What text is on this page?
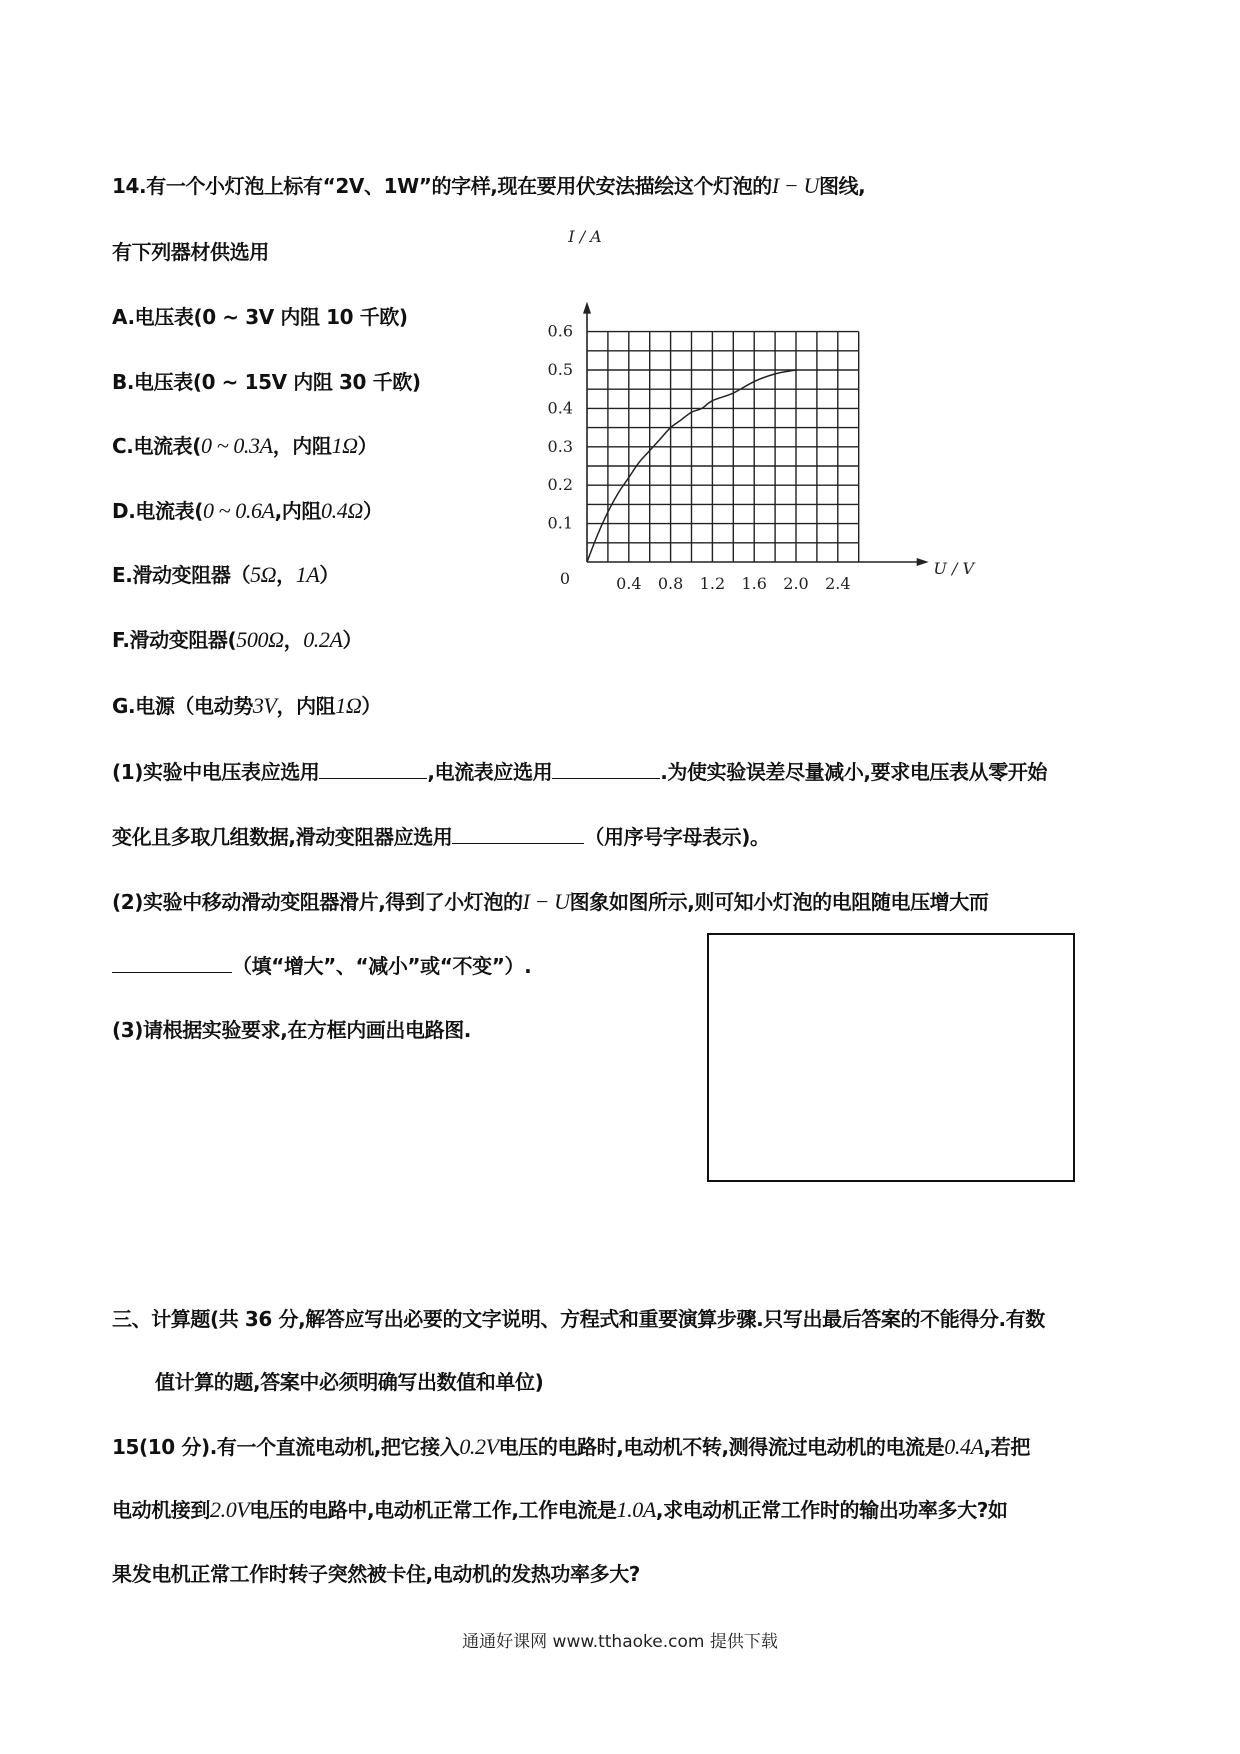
14.有一个小灯泡上标有“2V、1W”的字样,现在要用伏安法描绘这个灯泡的I − U图线,
有下列器材供选用
A.电压表(0 ~ 3V 内阻 10 千欧)
B.电压表(0 ~ 15V 内阻 30 千欧)
C.电流表(0 ~ 0.3A，内阻1Ω）
D.电流表(0 ~ 0.6A,内阻0.4Ω）
E.滑动变阻器（5Ω，1A）
F.滑动变阻器(500Ω，0.2A）
G.电源（电动势3V，内阻1Ω）
(1)实验中电压表应选用	,电流表应选用	.为使实验误差尽量减小,要求电压表从零开始
变化且多取几组数据,滑动变阻器应选用	（用序号字母表示)。
(2)实验中移动滑动变阻器滑片,得到了小灯泡的I − U图象如图所示,则可知小灯泡的电阻随电压增大而
（填“增大”、“减小”或“不变”）.
(3)请根据实验要求,在方框内画出电路图.
0.4 0.8 1.2 1.6 2.0 2.4
0.1
0.2
0.3
0.4
0.5
0.6
I / A
U / V
0
三、计算题(共 36 分,解答应写出必要的文字说明、方程式和重要演算步骤.只写出最后答案的不能得分.有数
值计算的题,答案中必须明确写出数值和单位)
15(10 分).有一个直流电动机,把它接入0.2V电压的电路时,电动机不转,测得流过电动机的电流是0.4A,若把
电动机接到2.0V电压的电路中,电动机正常工作,工作电流是1.0A,求电动机正常工作时的输出功率多大?如
果发电机正常工作时转子突然被卡住,电动机的发热功率多大?
通通好课网 www.tthaoke.com 提供下载
